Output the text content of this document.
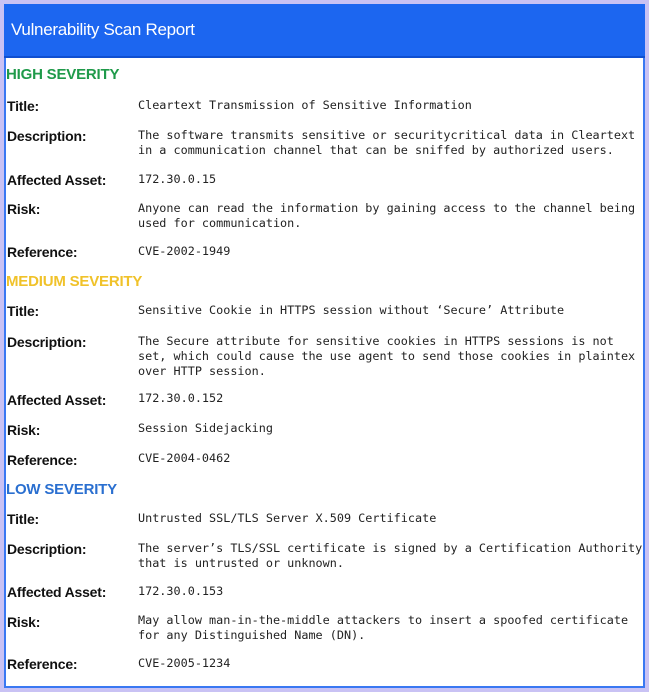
Vulnerability Scan Report
HIGH SEVERITY
Title:	Cleartext Transmission of Sensitive Information
Description:	The software transmits sensitive or securitycritical data in Cleartext
in a communication channel that can be sniffed by authorized users.
Affected Asset:	172.30.0.15
Risk:	Anyone can read the information by gaining access to the channel being
used for communication.
Reference:	CVE-2002-1949
MEDIUM SEVERITY
Title:	Sensitive Cookie in HTTPS session without ‘Secure’ Attribute
Description:	The Secure attribute for sensitive cookies in HTTPS sessions is not
set, which could cause the use agent to send those cookies in plaintex
over HTTP session.
Affected Asset:	172.30.0.152
Risk:	Session Sidejacking
Reference:	CVE-2004-0462
LOW SEVERITY
Title:	Untrusted SSL/TLS Server X.509 Certificate
Description:	The server’s TLS/SSL certificate is signed by a Certification Authority
that is untrusted or unknown.
Affected Asset:	172.30.0.153
Risk:	May allow man-in-the-middle attackers to insert a spoofed certificate
for any Distinguished Name (DN).
Reference:	CVE-2005-1234
